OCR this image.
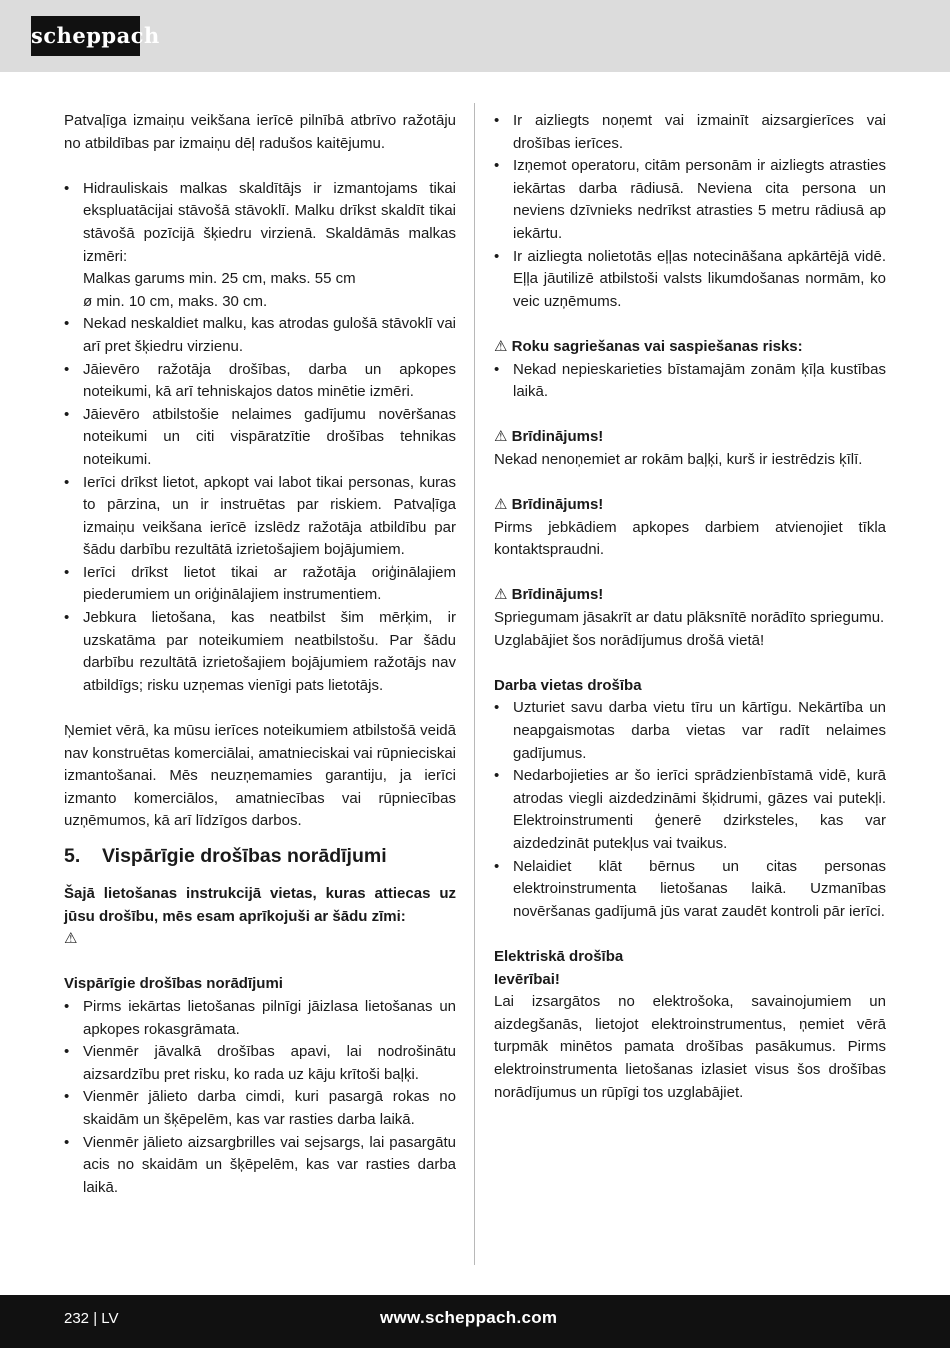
scheppach

Patvaļīga izmaiņu veikšana ierīcē pilnībā atbrīvo ražotāju no atbildības par izmaiņu dēļ radušos kaitējumu.

• Hidrauliskais malkas skaldītājs ir izmantojams tikai ekspluatācijai stāvošā stāvoklī. Malku drīkst skaldīt tikai stāvošā pozīcijā šķiedru virzienā. Skaldāmās malkas izmēri:
Malkas garums min. 25 cm, maks. 55 cm
ø min. 10 cm, maks. 30 cm.
• Nekad neskaldiet malku, kas atrodas gulošā stāvoklī vai arī pret šķiedru virzienu.
• Jāievēro ražotāja drošības, darba un apkopes noteikumi, kā arī tehniskajos datos minētie izmēri.
• Jāievēro atbilstošie nelaimes gadījumu novēršanas noteikumi un citi vispāratzītie drošības tehnikas noteikumi.
• Ierīci drīkst lietot, apkopt vai labot tikai personas, kuras to pārzina, un ir instruētas par riskiem. Patvaļīga izmaiņu veikšana ierīcē izslēdz ražotāja atbildību par šādu darbību rezultātā izrietošajiem bojājumiem.
• Ierīci drīkst lietot tikai ar ražotāja oriģinālajiem piederumiem un oriģinālajiem instrumentiem.
• Jebkura lietošana, kas neatbilst šim mērķim, ir uzskatāma par noteikumiem neatbilstošu. Par šādu darbību rezultātā izrietošajiem bojājumiem ražotājs nav atbildīgs; risku uzņemas vienīgi pats lietotājs.

Ņemiet vērā, ka mūsu ierīces noteikumiem atbilstošā veidā nav konstruētas komerciālai, amatnieciskai vai rūpnieciskai izmantošanai. Mēs neuzņemamies garantiju, ja ierīci izmanto komerciālos, amatniecības vai rūpniecības uzņēmumos, kā arī līdzīgos darbos.

5. Vispārīgie drošības norādījumi

Šajā lietošanas instrukcijā vietas, kuras attiecas uz jūsu drošību, mēs esam aprīkojuši ar šādu zīmi:

⚠
Vispārīgie drošības norādījumi
• Pirms iekārtas lietošanas pilnīgi jāizlasa lietošanas un apkopes rokasgrāmata.
• Vienmēr jāvalkā drošības apavi, lai nodrošinātu aizsardzību pret risku, ko rada uz kāju krītoši baļķi.
• Vienmēr jālieto darba cimdi, kuri pasargā rokas no skaidām un šķēpelēm, kas var rasties darba laikā.
• Vienmēr jālieto aizsargbrilles vai sejsargs, lai pasargātu acis no skaidām un šķēpelēm, kas var rasties darba laikā.
• Ir aizliegts noņemt vai izmainīt aizsargierīces vai drošības ierīces.
• Izņemot operatoru, citām personām ir aizliegts atrasties iekārtas darba rādiusā. Neviena cita persona un neviens dzīvnieks nedrīkst atrasties 5 metru rādiusā ap iekārtu.
• Ir aizliegta nolietotās eļļas notecināšana apkārtējā vidē. Eļļa jāutilizē atbilstoši valsts likumdošanas normām, ko veic uzņēmums.
⚠ Roku sagriešanas vai saspiešanas risks:
• Nekad nepieskarieties bīstamajām zonām ķīļa kustības laikā.
⚠ Brīdinājums!

Nekad nenoņemiet ar rokām baļķi, kurš ir iestrēdzis ķīlī.

⚠ Brīdinājums!

Pirms jebkādiem apkopes darbiem atvienojiet tīkla kontaktspraudni.

⚠ Brīdinājums!

Spriegumam jāsakrīt ar datu plāksnītē norādīto spriegumu.

Uzglabājiet šos norādījumus drošā vietā!

Darba vietas drošība
• Uzturiet savu darba vietu tīru un kārtīgu. Nekārtība un neapgaismotas darba vietas var radīt nelaimes gadījumus.
• Nedarbojieties ar šo ierīci sprādzienbīstamā vidē, kurā atrodas viegli aizdedzināmi šķidrumi, gāzes vai putekļi. Elektroinstrumenti ģenerē dzirksteles, kas var aizdedzināt putekļus vai tvaikus.
• Nelaidiet klāt bērnus un citas personas elektroinstrumenta lietošanas laikā. Uzmanības novēršanas gadījumā jūs varat zaudēt kontroli pār ierīci.
Elektriskā drošība
Ievērībai!

Lai izsargātos no elektrošoka, savainojumiem un aizdegšanās, lietojot elektroinstrumentus, ņemiet vērā turpmāk minētos pamata drošības pasākumus. Pirms elektroinstrumenta lietošanas izlasiet visus šos drošības norādījumus un rūpīgi tos uzglabājiet.

232 | LV	www.scheppach.com
